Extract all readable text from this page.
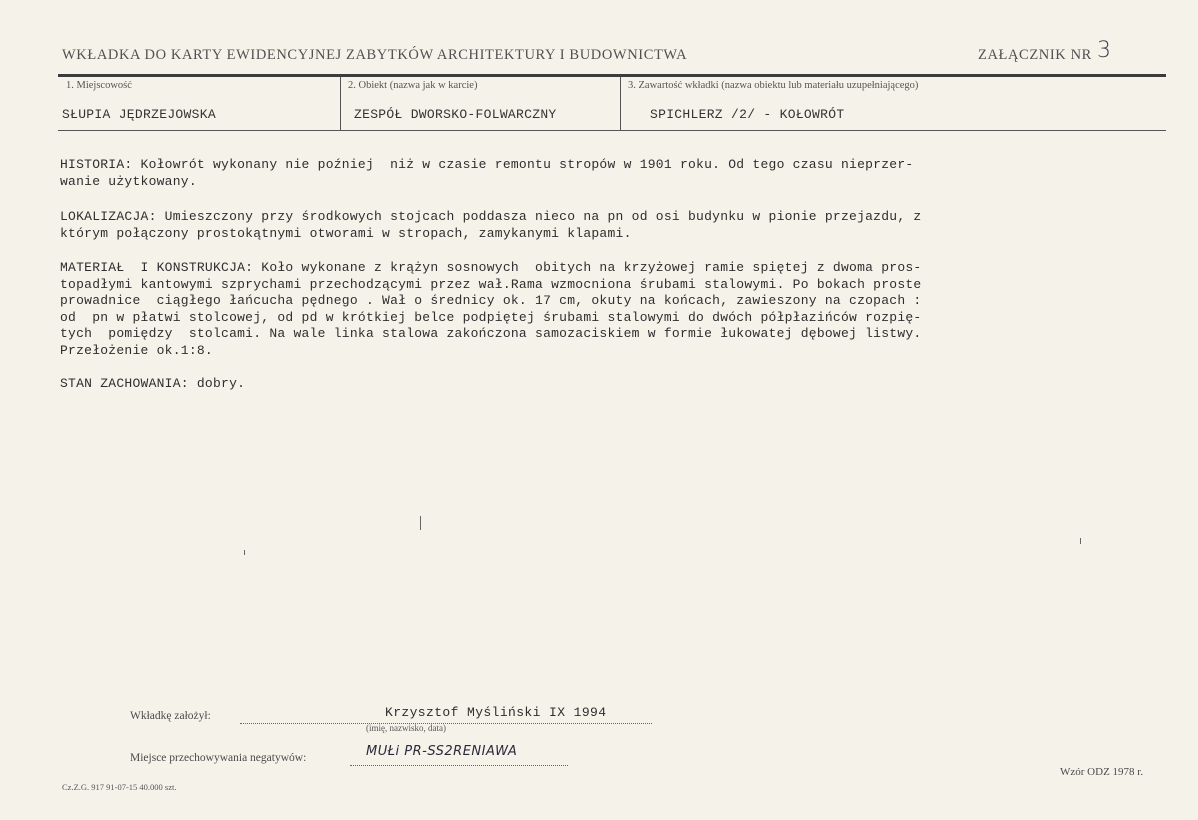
WKŁADKA DO KARTY EWIDENCYJNEJ ZABYTKÓW ARCHITEKTURY I BUDOWNICTWA	ZAŁĄCZNIK NR 3
1. Miejscowość	2. Obiekt (nazwa jak w karcie)	3. Zawartość wkładki (nazwa obiektu lub materiału uzupełniającego)
SŁUPIA JĘDRZEJOWSKA	ZESPÓŁ DWORSKO-FOLWARCZNY	SPICHLERZ /2/ - KOŁOWRÓT
HISTORIA: Kołowrót wykonany nie poźniej  niż w czasie remontu stropów w 1901 roku. Od tego czasu nieprzer-
wanie użytkowany.
LOKALIZACJA: Umieszczony przy środkowych stojcach poddasza nieco na pn od osi budynku w pionie przejazdu, z
którym połączony prostokątnymi otworami w stropach, zamykanymi klapami.
MATERIAŁ  I KONSTRUKCJA: Koło wykonane z krążyn sosnowych  obitych na krzyżowej ramie spiętej z dwoma pros-
topadłymi kantowymi szprychami przechodzącymi przez wał.Rama wzmocniona śrubami stalowymi. Po bokach proste
prowadnice  ciągłego łańcucha pędnego . Wał o średnicy ok. 17 cm, okuty na końcach, zawieszony na czopach :
od  pn w płatwi stolcowej, od pd w krótkiej belce podpiętej śrubami stalowymi do dwóch półpłazińców rozpię-
tych  pomiędzy  stolcami. Na wale linka stalowa zakończona samozaciskiem w formie łukowatej dębowej listwy.
Przełożenie ok.1:8.
STAN ZACHOWANIA: dobry.
Wkładkę założył:	Krzysztof Myśliński IX 1994
(imię, nazwisko, data)
Miejsce przechowywania negatywów:	MUŁi PR-SS2RENIAWA
Wzór ODZ 1978 r.
Cz.Z.G. 917 91-07-15 40.000 szt.
